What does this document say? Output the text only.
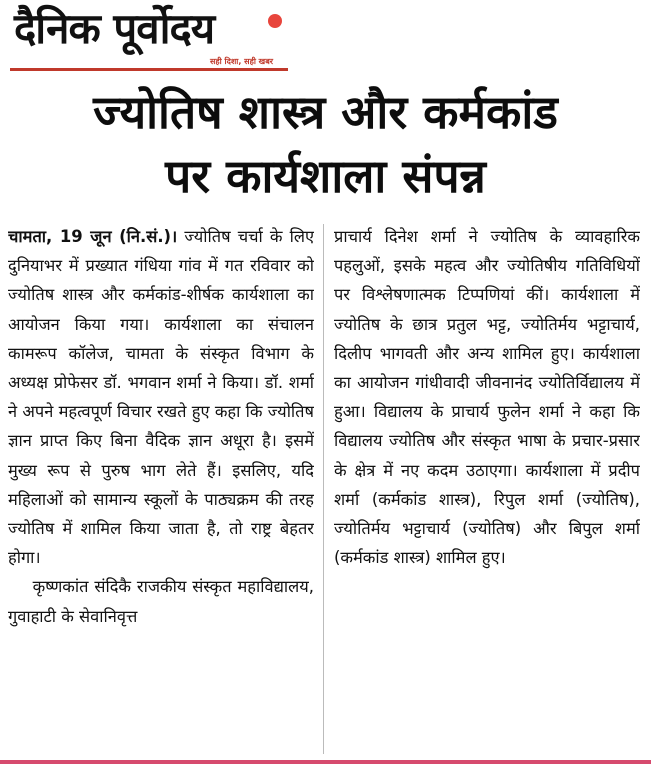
दैनिक पूर्वोदय
सही दिशा, सही खबर
ज्योतिष शास्त्र और कर्मकांड
पर कार्यशाला संपन्न

चामता, 19 जून (नि.सं.)। ज्योतिष चर्चा के लिए दुनियाभर में प्रख्यात गंधिया गांव में गत रविवार को ज्योतिष शास्त्र और कर्मकांड-शीर्षक कार्यशाला का आयोजन किया गया। कार्यशाला का संचालन कामरूप कॉलेज, चामता के संस्कृत विभाग के अध्यक्ष प्रोफेसर डॉ. भगवान शर्मा ने किया। डॉ. शर्मा ने अपने महत्वपूर्ण विचार रखते हुए कहा कि ज्योतिष ज्ञान प्राप्त किए बिना वैदिक ज्ञान अधूरा है। इसमें मुख्य रूप से पुरुष भाग लेते हैं। इसलिए, यदि महिलाओं को सामान्य स्कूलों के पाठ्यक्रम की तरह ज्योतिष में शामिल किया जाता है, तो राष्ट्र बेहतर होगा।

कृष्णकांत संदिकै राजकीय संस्कृत महाविद्यालय, गुवाहाटी के सेवानिवृत्त

प्राचार्य दिनेश शर्मा ने ज्योतिष के व्यावहारिक पहलुओं, इसके महत्व और ज्योतिषीय गतिविधियों पर विश्लेषणात्मक टिप्पणियां कीं। कार्यशाला में ज्योतिष के छात्र प्रतुल भट्ट, ज्योतिर्मय भट्टाचार्य, दिलीप भागवती और अन्य शामिल हुए। कार्यशाला का आयोजन गांधीवादी जीवनानंद ज्योतिर्विद्यालय में हुआ। विद्यालय के प्राचार्य फुलेन शर्मा ने कहा कि विद्यालय ज्योतिष और संस्कृत भाषा के प्रचार-प्रसार के क्षेत्र में नए कदम उठाएगा। कार्यशाला में प्रदीप शर्मा (कर्मकांड शास्त्र), रिपुल शर्मा (ज्योतिष), ज्योतिर्मय भट्टाचार्य (ज्योतिष) और बिपुल शर्मा (कर्मकांड शास्त्र) शामिल हुए।
